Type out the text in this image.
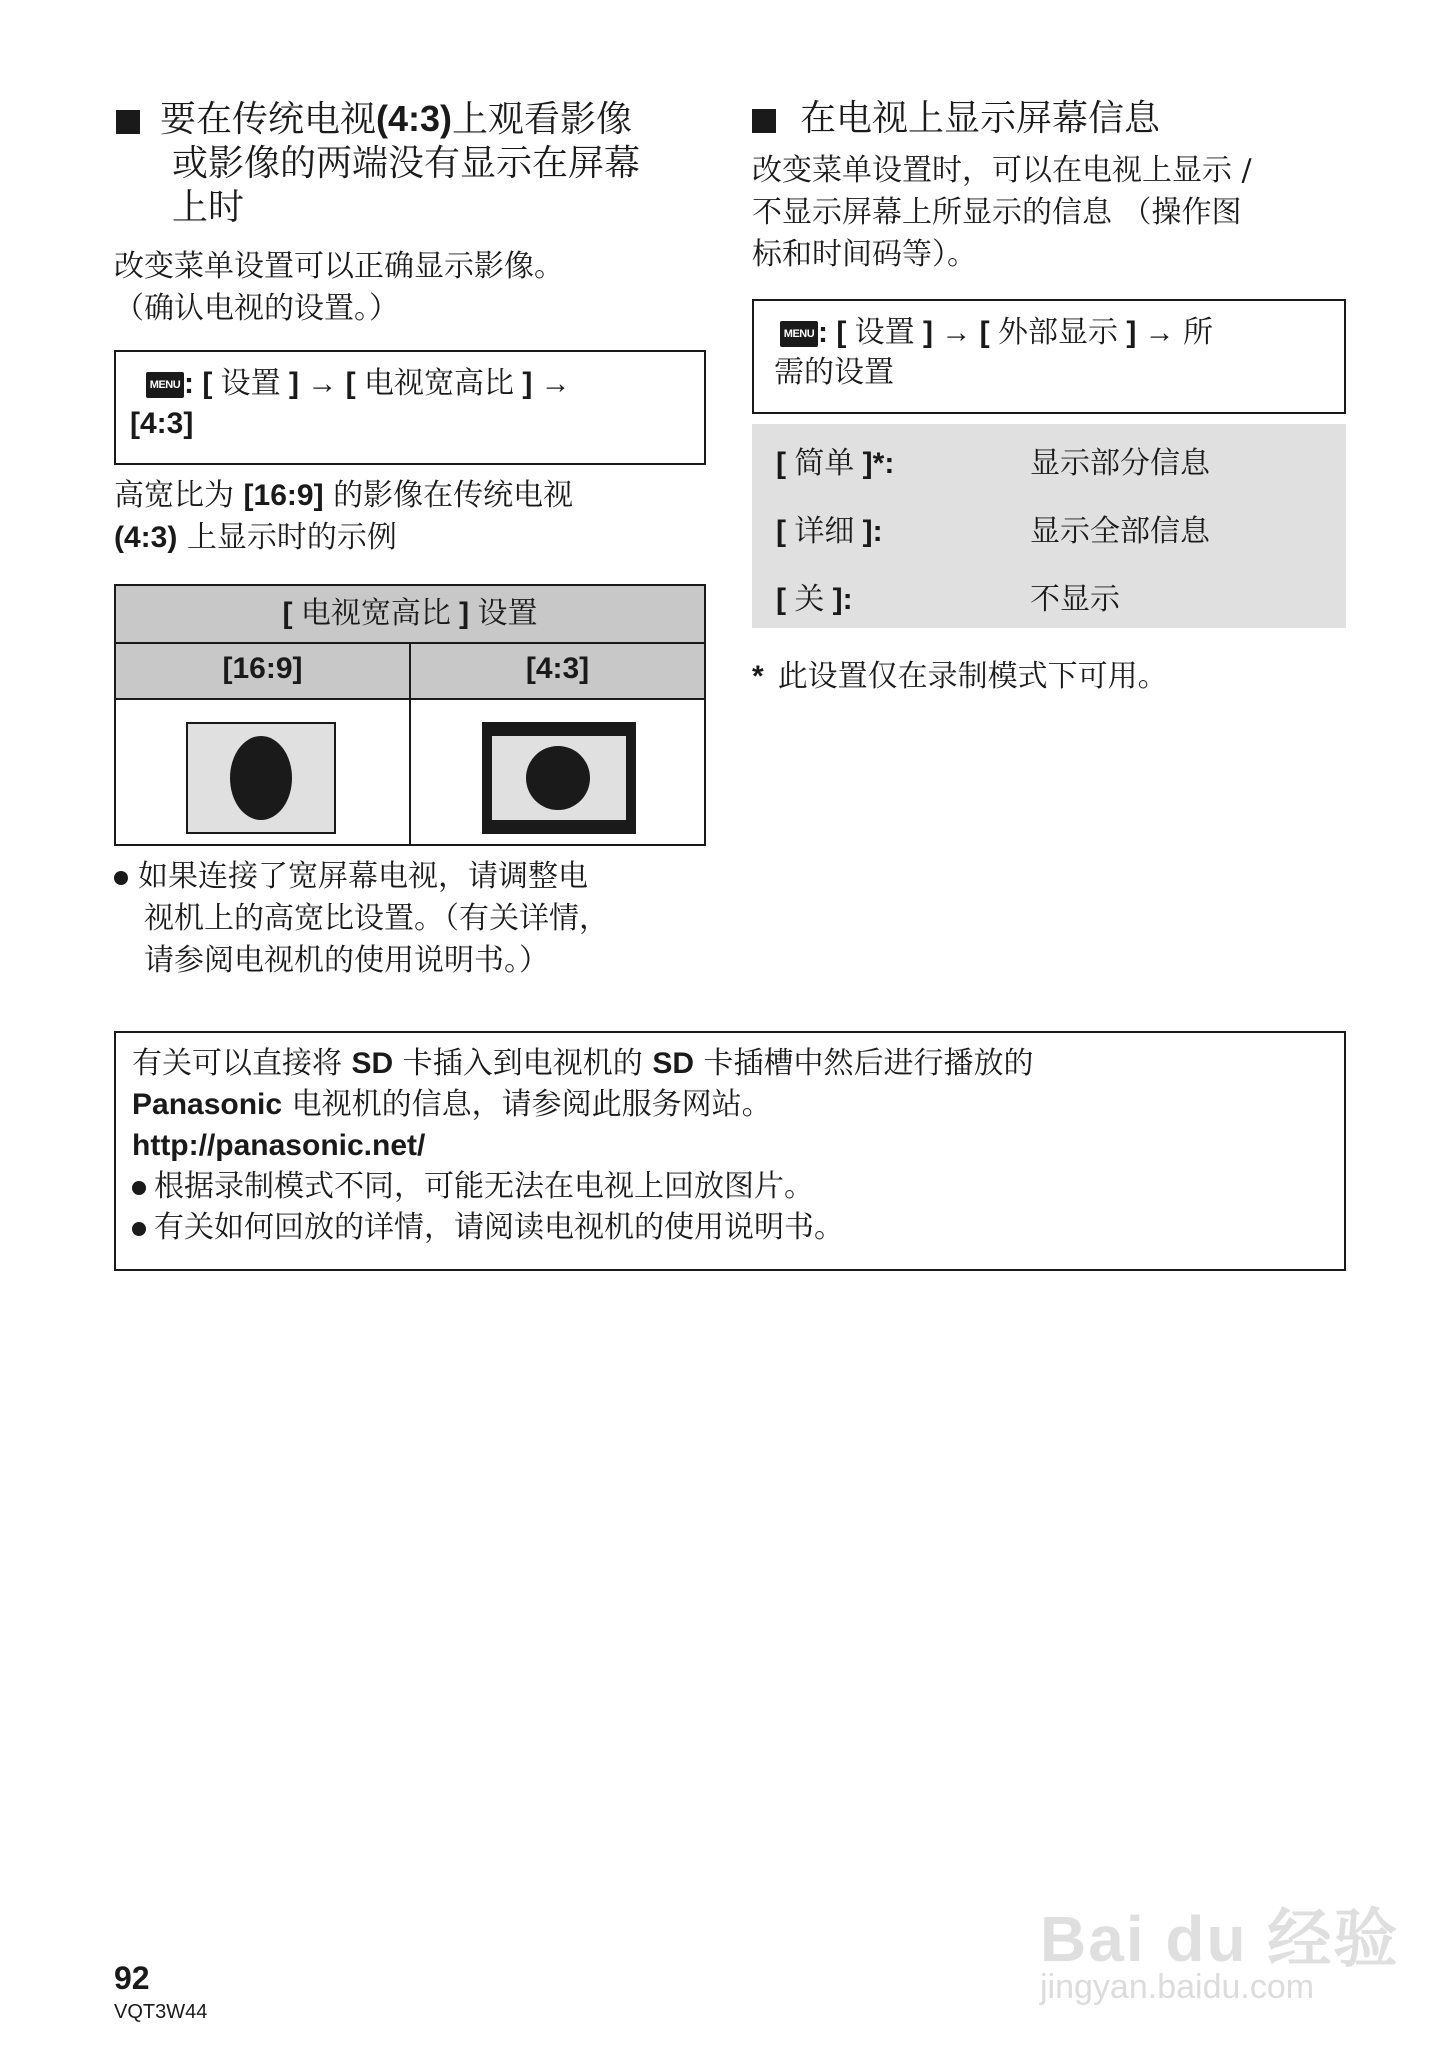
要在传统电视(4:3)上观看影像
或影像的两端没有显示在屏幕
上时
改变菜单设置可以正确显示影像。
（确认电视的设置。）
MENU : [ 设置 ] → [ 电视宽高比 ] →
[4:3]
高宽比为 [16:9] 的影像在传统电视
(4:3) 上显示时的示例
[ 电视宽高比 ] 设置
[16:9]	[4:3]
如果连接了宽屏幕电视，请调整电
视机上的高宽比设置。（有关详情，
请参阅电视机的使用说明书。）
在电视上显示屏幕信息
改变菜单设置时，可以在电视上显示 /
不显示屏幕上所显示的信息 （操作图
标和时间码等）。
MENU : [ 设置 ] → [ 外部显示 ] → 所
需的设置
[ 简单 ]*:	显示部分信息
[ 详细 ]:	显示全部信息
[ 关 ]:	不显示
* 此设置仅在录制模式下可用。
有关可以直接将 SD 卡插入到电视机的 SD 卡插槽中然后进行播放的
Panasonic 电视机的信息，请参阅此服务网站。
http://panasonic.net/
根据录制模式不同，可能无法在电视上回放图片。
有关如何回放的详情，请阅读电视机的使用说明书。
92
VQT3W44
Bai du 经验
jingyan.baidu.com
